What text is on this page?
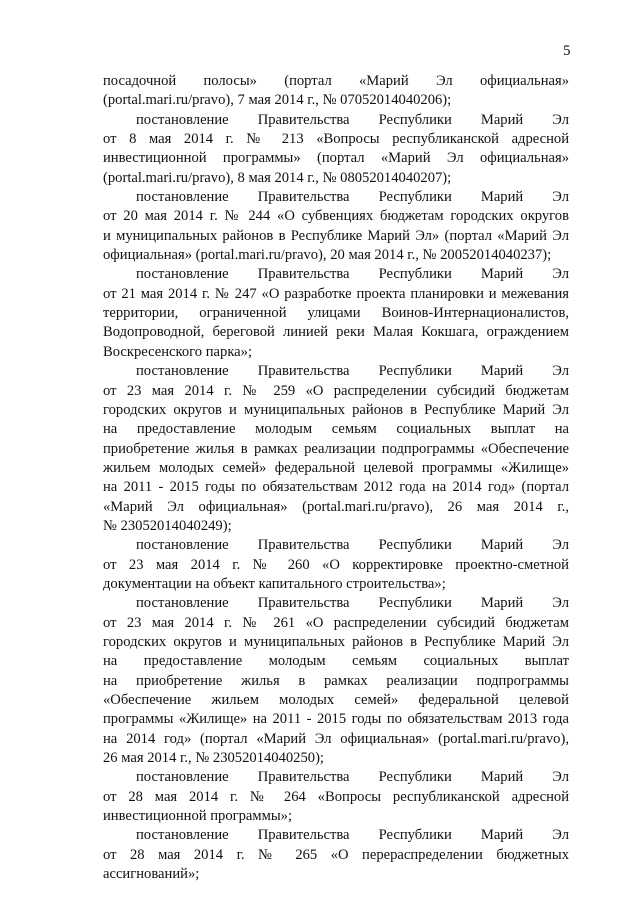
5
посадочной полосы» (портал «Марий Эл официальная»
(portal.mari.ru/pravo), 7 мая 2014 г., № 07052014040206);
постановление Правительства Республики Марий Эл
от 8 мая 2014 г. № 213 «Вопросы республиканской адресной
инвестиционной программы» (портал «Марий Эл официальная»
(portal.mari.ru/pravo), 8 мая 2014 г., № 08052014040207);
постановление Правительства Республики Марий Эл
от 20 мая 2014 г. № 244 «О субвенциях бюджетам городских округов
и муниципальных районов в Республике Марий Эл» (портал «Марий Эл
официальная» (portal.mari.ru/pravo), 20 мая 2014 г., № 20052014040237);
постановление Правительства Республики Марий Эл
от 21 мая 2014 г. № 247 «О разработке проекта планировки и межевания
территории, ограниченной улицами Воинов-Интернационалистов,
Водопроводной, береговой линией реки Малая Кокшага, ограждением
Воскресенского парка»;
постановление Правительства Республики Марий Эл
от 23 мая 2014 г. № 259 «О распределении субсидий бюджетам
городских округов и муниципальных районов в Республике Марий Эл
на предоставление молодым семьям социальных выплат на
приобретение жилья в рамках реализации подпрограммы «Обеспечение
жильем молодых семей» федеральной целевой программы «Жилище»
на 2011 - 2015 годы по обязательствам 2012 года на 2014 год» (портал
«Марий Эл официальная» (portal.mari.ru/pravo), 26 мая 2014 г.,
№ 23052014040249);
постановление Правительства Республики Марий Эл
от 23 мая 2014 г. № 260 «О корректировке проектно-сметной
документации на объект капитального строительства»;
постановление Правительства Республики Марий Эл
от 23 мая 2014 г. № 261 «О распределении субсидий бюджетам
городских округов и муниципальных районов в Республике Марий Эл
на предоставление молодым семьям социальных выплат
на приобретение жилья в рамках реализации подпрограммы
«Обеспечение жильем молодых семей» федеральной целевой
программы «Жилище» на 2011 - 2015 годы по обязательствам 2013 года
на 2014 год» (портал «Марий Эл официальная» (portal.mari.ru/pravo),
26 мая 2014 г., № 23052014040250);
постановление Правительства Республики Марий Эл
от 28 мая 2014 г. № 264 «Вопросы республиканской адресной
инвестиционной программы»;
постановление Правительства Республики Марий Эл
от 28 мая 2014 г. № 265 «О перераспределении бюджетных
ассигнований»;
